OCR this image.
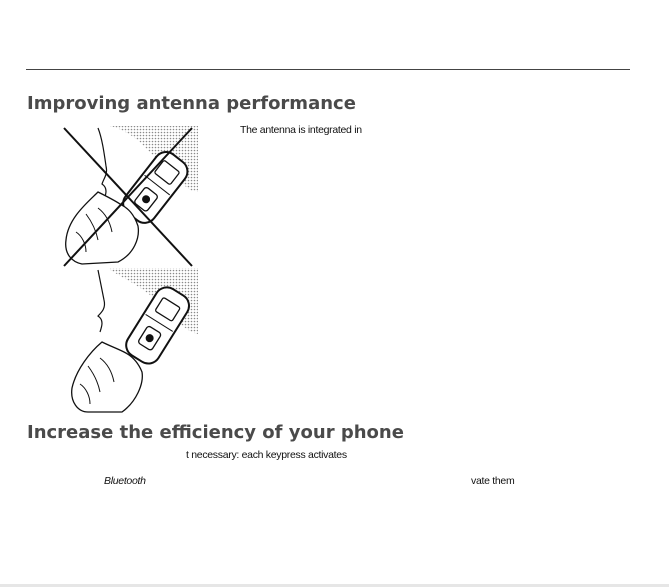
Improving antenna performance
The antenna is integrated in
Increase the efficiency of your phone
t necessary: each keypress activates
Bluetooth	vate them
